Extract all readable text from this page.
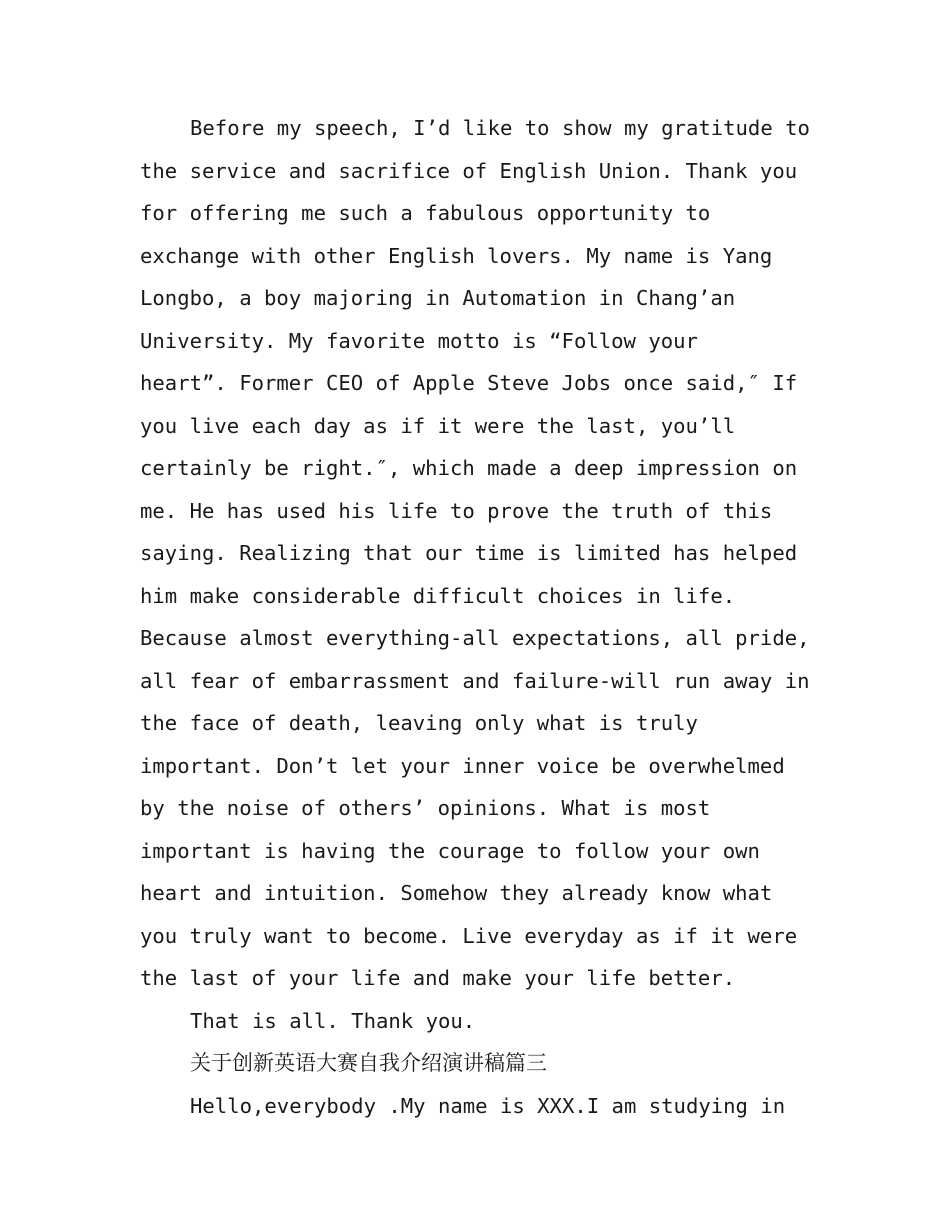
Before my speech, I’d like to show my gratitude to
the service and sacrifice of English Union. Thank you
for offering me such a fabulous opportunity to
exchange with other English lovers. My name is Yang
Longbo, a boy majoring in Automation in Chang’an
University. My favorite motto is “Follow your
heart”. Former CEO of Apple Steve Jobs once said,″ If
you live each day as if it were the last, you’ll
certainly be right.″, which made a deep impression on
me. He has used his life to prove the truth of this
saying. Realizing that our time is limited has helped
him make considerable difficult choices in life.
Because almost everything-all expectations, all pride,
all fear of embarrassment and failure-will run away in
the face of death, leaving only what is truly
important. Don’t let your inner voice be overwhelmed
by the noise of others’ opinions. What is most
important is having the courage to follow your own
heart and intuition. Somehow they already know what
you truly want to become. Live everyday as if it were
the last of your life and make your life better.
That is all. Thank you.
关于创新英语大赛自我介绍演讲稿篇三
Hello,everybody .My name is XXX.I am studying in
